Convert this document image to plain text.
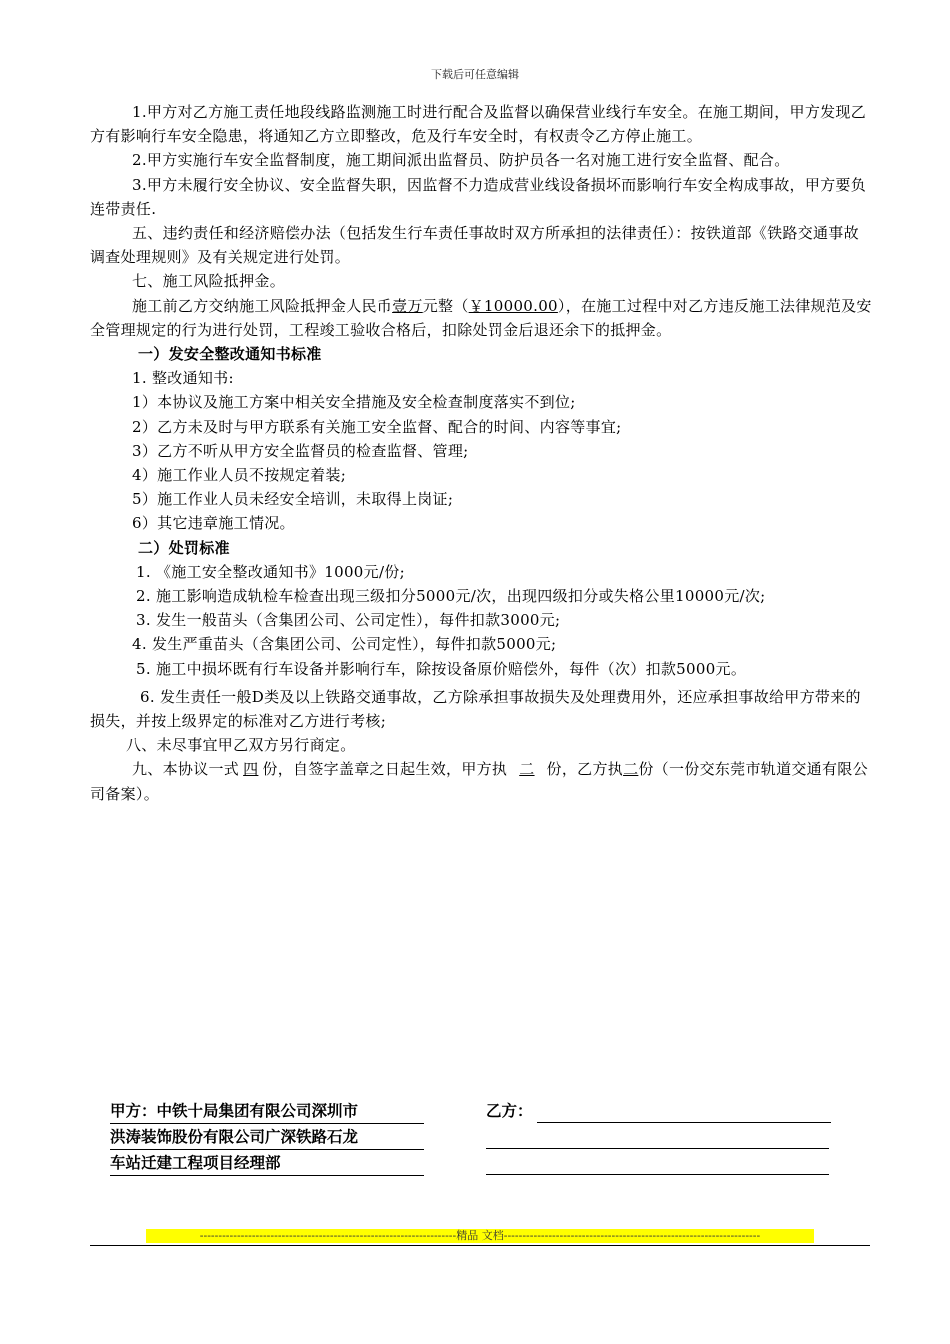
下载后可任意编辑

1.甲方对乙方施工责任地段线路监测施工时进行配合及监督以确保营业线行车安全。在施工期间，甲方发现乙方有影响行车安全隐患，将通知乙方立即整改，危及行车安全时，有权责令乙方停止施工。

2.甲方实施行车安全监督制度，施工期间派出监督员、防护员各一名对施工进行安全监督、配合。

3.甲方未履行安全协议、安全监督失职，因监督不力造成营业线设备损坏而影响行车安全构成事故，甲方要负连带责任.

五、违约责任和经济赔偿办法（包括发生行车责任事故时双方所承担的法律责任）：按铁道部《铁路交通事故调查处理规则》及有关规定进行处罚。

七、施工风险抵押金。

施工前乙方交纳施工风险抵押金人民币壹万元整（￥10000.00），在施工过程中对乙方违反施工法律规范及安全管理规定的行为进行处罚，工程竣工验收合格后，扣除处罚金后退还余下的抵押金。

一）发安全整改通知书标准

1. 整改通知书:

1）本协议及施工方案中相关安全措施及安全检查制度落实不到位;

2）乙方未及时与甲方联系有关施工安全监督、配合的时间、内容等事宜;

3）乙方不听从甲方安全监督员的检查监督、管理;

4）施工作业人员不按规定着装;

5）施工作业人员未经安全培训，未取得上岗证;

6）其它违章施工情况。

二）处罚标准

1. 《施工安全整改通知书》1000元/份;

2. 施工影响造成轨检车检查出现三级扣分5000元/次，出现四级扣分或失格公里10000元/次;

3. 发生一般苗头（含集团公司、公司定性），每件扣款3000元;

4. 发生严重苗头（含集团公司、公司定性），每件扣款5000元;

5. 施工中损坏既有行车设备并影响行车，除按设备原价赔偿外，每件（次）扣款5000元。

6. 发生责任一般D类及以上铁路交通事故，乙方除承担事故损失及处理费用外，还应承担事故给甲方带来的损失，并按上级界定的标准对乙方进行考核;

八、未尽事宜甲乙双方另行商定。

九、本协议一式 四 份，自签字盖章之日起生效，甲方执 二 份，乙方执二份（一份交东莞市轨道交通有限公司备案）。

甲方：中铁十局集团有限公司深圳市
洪涛装饰股份有限公司广深铁路石龙
车站迁建工程项目经理部
乙方：
---------------------------------------------------------------------精品 文档---------------------------------------------------------------------
